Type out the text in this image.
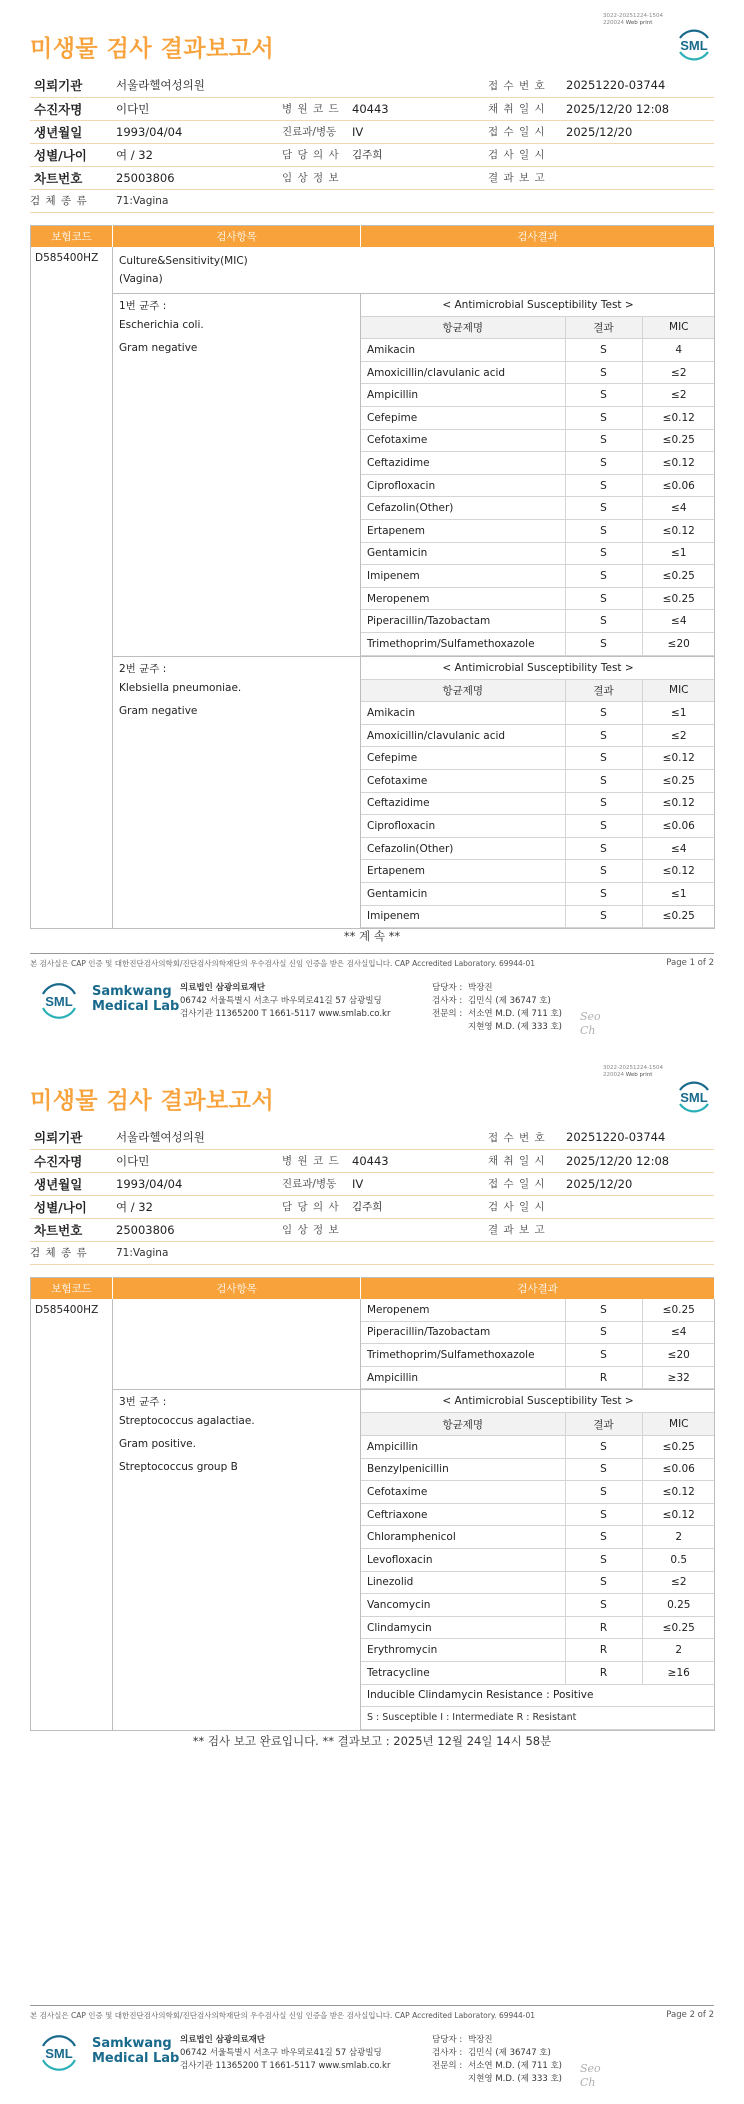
3022-20251224-1504
220024 Web print
미생물 검사 결과보고서	SML
의뢰기관	서울라헬여성의원			접 수 번 호	20251220-03744
수진자명	이다민	병 원 코 드	40443	채 취 일 시	2025/12/20 12:08
생년월일	1993/04/04	진료과/병동	IV	접 수 일 시	2025/12/20
성별/나이	여 / 32	담 당 의 사	김주희	검 사 일 시	
차트번호	25003806	임 상 정 보		결 과 보 고	
검 체 종 류	71:Vagina				
보험코드	검사항목	검사결과
D585400HZ	Culture&Sensitivity(MIC)
(Vagina)

1번 균주 :
Escherichia coli.
Gram negative

< Antimicrobial Susceptibility Test >
항균제명	결과	MIC
Amikacin	S	4
Amoxicillin/clavulanic acid	S	≤2
Ampicillin	S	≤2
Cefepime	S	≤0.12
Cefotaxime	S	≤0.25
Ceftazidime	S	≤0.12
Ciprofloxacin	S	≤0.06
Cefazolin(Other)	S	≤4
Ertapenem	S	≤0.12
Gentamicin	S	≤1
Imipenem	S	≤0.25
Meropenem	S	≤0.25
Piperacillin/Tazobactam	S	≤4
Trimethoprim/Sulfamethoxazole	S	≤20

2번 균주 :
Klebsiella pneumoniae.
Gram negative

< Antimicrobial Susceptibility Test >
항균제명	결과	MIC
Amikacin	S	≤1
Amoxicillin/clavulanic acid	S	≤2
Cefepime	S	≤0.12
Cefotaxime	S	≤0.25
Ceftazidime	S	≤0.12
Ciprofloxacin	S	≤0.06
Cefazolin(Other)	S	≤4
Ertapenem	S	≤0.12
Gentamicin	S	≤1
Imipenem	S	≤0.25
** 계 속 **
본 검사실은 CAP 인증 및 대한진단검사의학회/진단검사의학재단의 우수검사실 신임 인증을 받은 검사실입니다. CAP Accredited Laboratory. 69944-01	Page 1 of 2
SML
Samkwang
Medical Lab
의료법인 삼광의료재단
06742 서울특별시 서초구 바우뫼로41길 57 삼광빌딩
검사기관 11365200 T 1661-5117 www.smlab.co.kr
담당자 : 박장진
검사자 : 김민식 (제 36747 호)
전문의 : 서소연 M.D. (제 711 호)
지현영 M.D. (제 333 호)
Seo
Ch
3022-20251224-1504
220024 Web print
미생물 검사 결과보고서	SML
의뢰기관	서울라헬여성의원			접 수 번 호	20251220-03744
수진자명	이다민	병 원 코 드	40443	채 취 일 시	2025/12/20 12:08
생년월일	1993/04/04	진료과/병동	IV	접 수 일 시	2025/12/20
성별/나이	여 / 32	담 당 의 사	김주희	검 사 일 시	
차트번호	25003806	임 상 정 보		결 과 보 고	
검 체 종 류	71:Vagina				
보험코드	검사항목	검사결과
D585400HZ			Meropenem	S	≤0.25
Piperacillin/Tazobactam	S	≤4
Trimethoprim/Sulfamethoxazole	S	≤20
Ampicillin	R	≥32

3번 균주 :
Streptococcus agalactiae.
Gram positive.
Streptococcus group B

< Antimicrobial Susceptibility Test >
항균제명	결과	MIC
Ampicillin	S	≤0.25
Benzylpenicillin	S	≤0.06
Cefotaxime	S	≤0.12
Ceftriaxone	S	≤0.12
Chloramphenicol	S	2
Levofloxacin	S	0.5
Linezolid	S	≤2
Vancomycin	S	0.25
Clindamycin	R	≤0.25
Erythromycin	R	2
Tetracycline	R	≥16
Inducible Clindamycin Resistance : Positive
S : Susceptible I : Intermediate R : Resistant
** 검사 보고 완료입니다. ** 결과보고 : 2025년 12월 24일 14시 58분
본 검사실은 CAP 인증 및 대한진단검사의학회/진단검사의학재단의 우수검사실 신임 인증을 받은 검사실입니다. CAP Accredited Laboratory. 69944-01	Page 2 of 2
SML
Samkwang
Medical Lab
의료법인 삼광의료재단
06742 서울특별시 서초구 바우뫼로41길 57 삼광빌딩
검사기관 11365200 T 1661-5117 www.smlab.co.kr
담당자 : 박장진
검사자 : 김민식 (제 36747 호)
전문의 : 서소연 M.D. (제 711 호)
지현영 M.D. (제 333 호)
Seo
Ch
